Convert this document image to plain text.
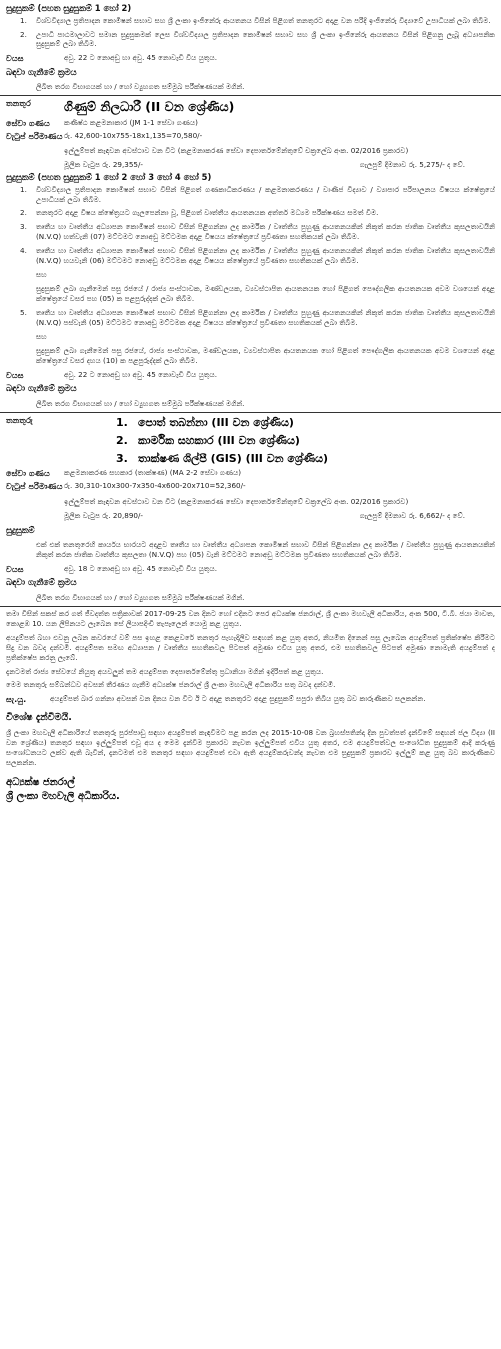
සුදුසුකම් (පහත සුදුසුකම් 1 හෝ 2)
1.	විශ්වවිද්‍යාල ප්‍රතිපාදන කොමිෂන් සභාව සහ ශ්‍රී ලංකා ඉංජිනේරු ආයතනය විසින් පිළිගත් තනතුරට අදාළ වන පරිදි ඉංජිනේරු විද්‍යාවේ උපාධියක් ලබා තිබීම.
2.	උපාධි පාඨමාලාවට සමාන සුදුසුකමක් ලෙස විශ්වවිද්‍යාල ප්‍රතිපාදන කොමිෂන් සභාව සහ ශ්‍රී ලංකා ඉංජිනේරු ආයතනය විසින් පිළිගනු ලැබූ අධ්‍යාපනික සුදුසුකම් ලබා තිබීම.
වයස	අවු. 22 ට නොඅඩු හා අවු. 45 නොවැඩි විය යුතුය.
බඳවා ගැනීමේ ක්‍රමය
ලිඛිත තරග විභාගයක් හා / හෝ ව්‍යුහගත සම්මුඛ පරීක්ෂණයක් මගින්.
තනතුර	ගිණුම් නිලධාරී (II වන ශ්‍රේණිය)
සේවා ගණය	කණිෂ්ඨ කළමනාකාර (JM 1-1 සේවා ගණය)
වැටුප් පරිමාණය රු. 42,600-10x755-18x1,135=70,580/-
ඉල්ලුම්පත් කැඳවන අවස්ථාව වන විට (කළමනාකරණ සේවා දෙපාර්තමේන්තුවේ චක්‍රලේඛ අංක. 02/2016 ප්‍රකාරව)
මූලික වැටුප රු. 29,355/-	ගැලපුම් දීමනාව රු. 5,275/- ද වේ.
සුදුසුකම් (පහත සුදුසුකම් 1 හෝ 2 හෝ 3 හෝ 4 හෝ 5)
1.	විශ්වවිද්‍යාල ප්‍රතිපාදන කොමිෂන් සභාව විසින් පිළිගත් ගණකාධිකරණය / කළමනාකරණය / වාණිජ විද්‍යාව / ව්‍යාපාර පරිපාලනය විෂයය ක්ෂේත්‍රයේ උපාධියක් ලබා තිබීම.
2.	තනතුරට අදාළ විෂය ක්ෂේත්‍රයට ගැලපෙන්නා වූ, පිළිගත් වෘත්තීය ආයතනයක අත්තර් මධ්‍යම පරීක්ෂණය සමත් වීම.
3.	තෘතීය හා වෘත්තීය අධ්‍යාපන කොමිෂන් සභාව විසින් පිළිගන්නා ලද කාර්මික / වෘත්තීය පුහුණු ආයතනයකින් නිකුත් කරන ජාතික වෘත්තීය කුසලතාවයිනි (N.V.Q) හත්වැනි (07) මට්ටමට නොඅඩු මට්ටමක අදාළ විෂයය ක්ෂේත්‍රයේ ප්‍රවීණතා සහතිකයක් ලබා තිබීම.
4.	තෘතීය හා වෘත්තීය අධ්‍යාපන කොමිෂන් සභාව විසින් පිළිගන්නා ලද කාර්මික / වෘත්තීය පුහුණු ආයතනයකින් නිකුත් කරන ජාතික වෘත්තීය කුසලතාවයිනි (N.V.Q) හයවැනි (06) මට්ටමට නොඅඩු මට්ටමක අදාළ විෂයය ක්ෂේත්‍රයේ ප්‍රවීණතා සහතිකයක් ලබා තිබීම.
සහ
සුදුසුකම් ලබා ගැනීමෙන් පසු රජයේ / රාජ්‍ය සංස්ථාවක, මණ්ඩලයක, ව්‍යවස්ථාපිත ආයතනයක හෝ පිළිගත් පෞද්ගලික ආයතනයක අවම වශයෙන් අදාළ ක්ෂේත්‍රයේ වසර පහ (05) ක පළපුරුද්දක් ලබා තිබීම.
5.	තෘතීය හා වෘත්තීය අධ්‍යාපන කොමිෂන් සභාව විසින් පිළිගන්නා ලද කාර්මික / වෘත්තීය පුහුණු ආයතනයකින් නිකුත් කරන ජාතික වෘත්තීය කුසලතාවයිනි (N.V.Q) පස්වැනි (05) මට්ටමට නොඅඩු මට්ටමක අදාළ විෂයය ක්ෂේත්‍රයේ ප්‍රවීණතා සහතිකයක් ලබා තිබීම.
සහ
සුදුසුකම් ලබා ගැනීමෙන් පසු රජයේ, රාජ්‍ය සංස්ථාවක, මණ්ඩලයක, ව්‍යවස්ථාපිත ආයතනයක හෝ පිළිගත් පෞද්ගලික ආයතනයක අවම වශයෙන් අදාළ ක්ෂේත්‍රයේ වසර දහය (10) ක පළපුරුද්දක් ලබා තිබීම.
වයස	අවු. 22 ට නොඅඩු හා අවු. 45 නොවැඩි විය යුතුය.
බඳවා ගැනීමේ ක්‍රමය
ලිඛිත තරග විභාගයක් හා / හෝ ව්‍යුහගත සම්මුඛ පරීක්ෂණයක් මගින්.
තනතුරු	1. පොත් තබන්නා (III වන ශ්‍රේණිය)
2. කාර්මික සහකාර (III වන ශ්‍රේණිය)
3. තාක්ෂණ ශිල්පී (GIS) (III වන ශ්‍රේණිය)
සේවා ගණය	කළමනාකරණ සහකාර (තාක්ෂණ) (MA 2-2 සේවා ගණය)
වැටුප් පරිමාණය රු. 30,310-10x300-7x350-4x600-20x710=52,360/-
ඉල්ලුම්පත් කැඳවන අවස්ථාව වන විට (කළමනාකරණ සේවා දෙපාර්තමේන්තුවේ චක්‍රලේඛ අංක. 02/2016 ප්‍රකාරව)
මූලික වැටුප රු. 20,890/-	ගැලපුම් දීමනාව රු. 6,662/- ද වේ.
සුදුසුකම්
එක් එක් තනතුරෙහි කාර්යය භාරයට අදාළව තෘතීය හා වෘත්තීය අධ්‍යාපන කොමිෂන් සභාව විසින් පිළිගන්නා ලද කාර්මික / වෘත්තීය පුහුණු ආයතනයකින් නිකුත් කරන ජාතික වෘත්තීය කුසලතා (N.V.Q) පහ (05) වැනි මට්ටමට නොඅඩු මට්ටමක ප්‍රවීණතා සහතිකයක් ලබා තිබීම.
වයස	අවු. 18 ට නොඅඩු හා අවු. 45 නොවැඩි විය යුතුය.
බඳවා ගැනීමේ ක්‍රමය
ලිඛිත තරග විභාගයක් හා / හෝ ව්‍යුහගත සම්මුඛ පරීක්ෂණයක් මගින්.
තමා විසින් සකස් කර ගත් ජීවදත්ත පත්‍රිකාවක් 2017-09-25 වන දිනට හෝ එදිනට පෙර අධ්‍යක්ෂ ජනරාල්, ශ්‍රී ලංකා මහවැලි අධිකාරිය, අංක 500, ටී.බී. ජයා මාවත, කොළඹ 10. යන ලිපිනයට ලැබෙන සේ ලියාපදිංචි තැපෑලෙන් යොමු කළ යුතුය.
අයදුම්පත් බහා එවනු ලබන කවරයේ වම් පස ඉහළ කෙළවරේ තනතුර පැහැදිලිව සඳහන් කළ යුතු අතර, නියමිත දිනෙන් පසු ලැබෙන අයදුම්පත් ප්‍රතික්ෂේප කිරීමට සිදු වන බවද දන්වමි. අයදුම්පත සමඟ අධ්‍යාපන / වෘත්තීය සහතිකවල පිටපත් අමුණා එවිය යුතු අතර, එම සහතිකවල පිටපත් අමුණා නොමැති අයදුම්පත් ද ප්‍රතික්ෂේප කරනු ලැබේ.
දැනටමත් රාජ්‍ය සේවයේ නියුතු අයවලුන් තම අයදුම්පත දෙපාර්තමේන්තු ප්‍රධානියා මගින් ඉදිරිපත් කළ යුතුය.
මෙම තනතුරු සම්බන්ධව අවසන් තීරණය ගැනීම අධ්‍යක්ෂ ජනරාල් ශ්‍රී ලංකා මහවැලි අධිකාරිය සතු බවද දන්වමි.
සැ.යු.	අයදුම්පත් බාර ගන්නා අවසන් වන දිනය වන විට ඊ ට අදාළ තනතුරට අදාළ සුදුසුකම් සපුරා තිබිය යුතු බව කාරුණිකව සලකන්න.
විශේෂ දැන්වීමයි.
ශ්‍රී ලංකා මහවැලි අධිකාරියේ තනතුරු පුරප්පාඩු සඳහා අයදුම්පත් කැඳවීමට පළ කරන ලද 2015-10-08 වන බ්‍රහස්පතින්දා දින පුවත්පත් දැන්වීමේ සඳහන් ජල විද්‍යා (II වන ශ්‍රේණිය) තනතුර සඳහා ඉල්ලුම්පත් එවූ අය ද මෙම දැන්වීම ප්‍රකාරව නැවත ඉල්ලුම්පත් එවිය යුතු අතර, එම අයදුම්පත්වල සංශෝධිත සුදුසුකම් ආදී කරුණු සංශෝධනයට ලක්ව ඇති බැවින්, දැනටමත් එම තනතුර සඳහා අයදුම්පත් එවා ඇති අයදුම්කරුවන්ද නැවත එම සුදුසුකම් ප්‍රකාරව ඉල්ලුම් කළ යුතු බව කාරුණිකව සලකන්න.
අධ්‍යක්ෂ ජනරාල්
ශ්‍රී ලංකා මහවැලි අධිකාරිය.
